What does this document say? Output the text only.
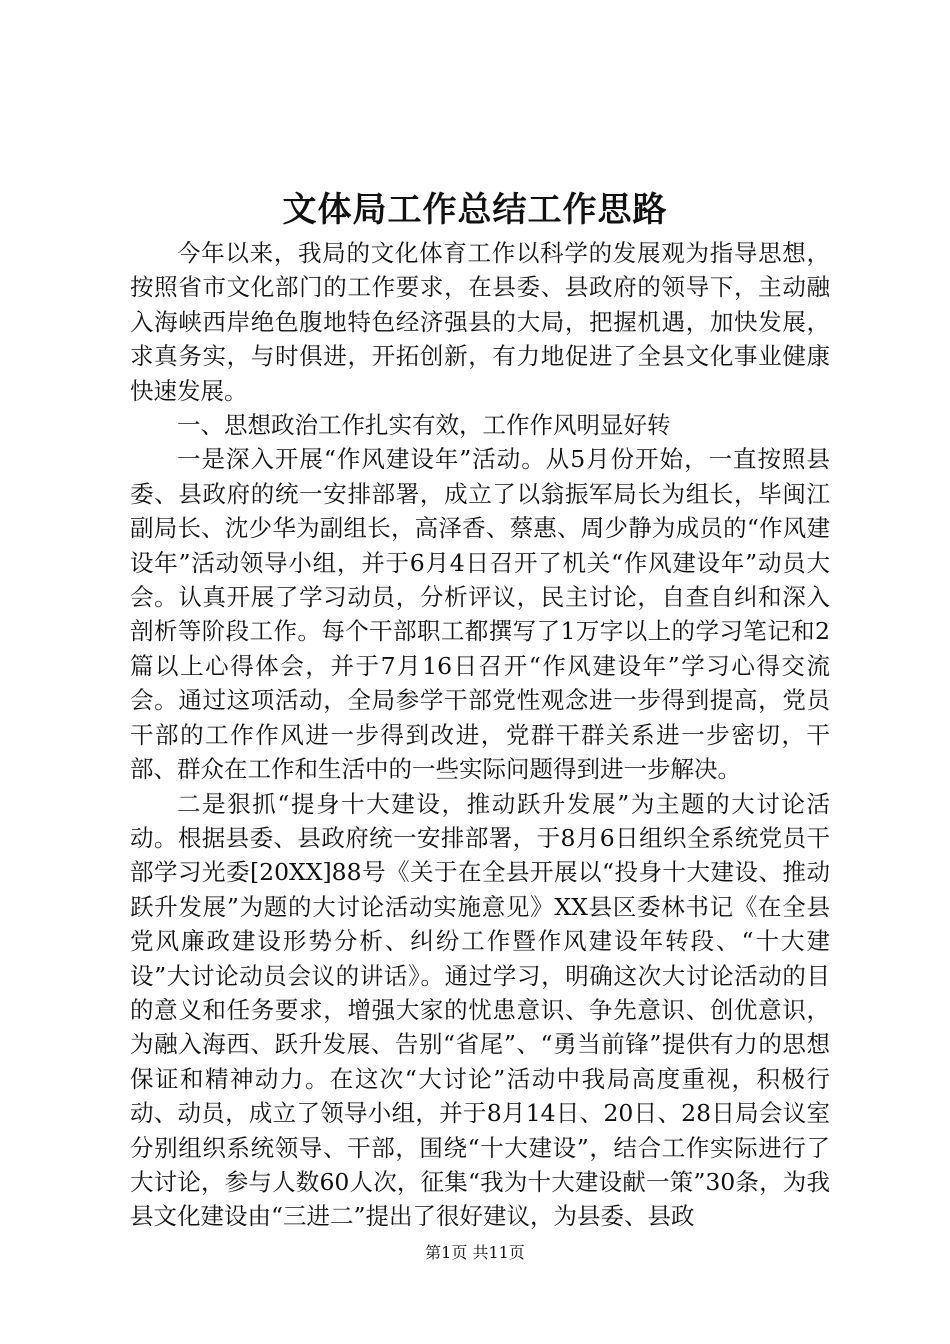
文体局工作总结工作思路

今年以来，我局的文化体育工作以科学的发展观为指导思想，按照省市文化部门的工作要求，在县委、县政府的领导下，主动融入海峡西岸绝色腹地特色经济强县的大局，把握机遇，加快发展，求真务实，与时俱进，开拓创新，有力地促进了全县文化事业健康快速发展。

一、思想政治工作扎实有效，工作作风明显好转

一是深入开展“作风建设年”活动。从5月份开始，一直按照县委、县政府的统一安排部署，成立了以翁振军局长为组长，毕闽江副局长、沈少华为副组长，高泽香、蔡惠、周少静为成员的“作风建设年”活动领导小组，并于6月4日召开了机关“作风建设年”动员大会。认真开展了学习动员，分析评议，民主讨论，自查自纠和深入剖析等阶段工作。每个干部职工都撰写了1万字以上的学习笔记和2篇以上心得体会，并于7月16日召开“作风建设年”学习心得交流会。通过这项活动，全局参学干部党性观念进一步得到提高，党员干部的工作作风进一步得到改进，党群干群关系进一步密切，干部、群众在工作和生活中的一些实际问题得到进一步解决。

二是狠抓“提身十大建设，推动跃升发展”为主题的大讨论活动。根据县委、县政府统一安排部署，于8月6日组织全系统党员干部学习光委[20XX]88号《关于在全县开展以“投身十大建设、推动跃升发展”为题的大讨论活动实施意见》XX县区委林书记《在全县党风廉政建设形势分析、纠纷工作暨作风建设年转段、“十大建设”大讨论动员会议的讲话》。通过学习，明确这次大讨论活动的目的意义和任务要求，增强大家的忧患意识、争先意识、创优意识，为融入海西、跃升发展、告别“省尾”、“勇当前锋”提供有力的思想保证和精神动力。在这次“大讨论”活动中我局高度重视，积极行动、动员，成立了领导小组，并于8月14日、20日、28日局会议室分别组织系统领导、干部，围绕“十大建设”，结合工作实际进行了大讨论，参与人数60人次，征集“我为十大建设献一策”30条，为我县文化建设由“三进二”提出了很好建议，为县委、县政

第1页 共11页
